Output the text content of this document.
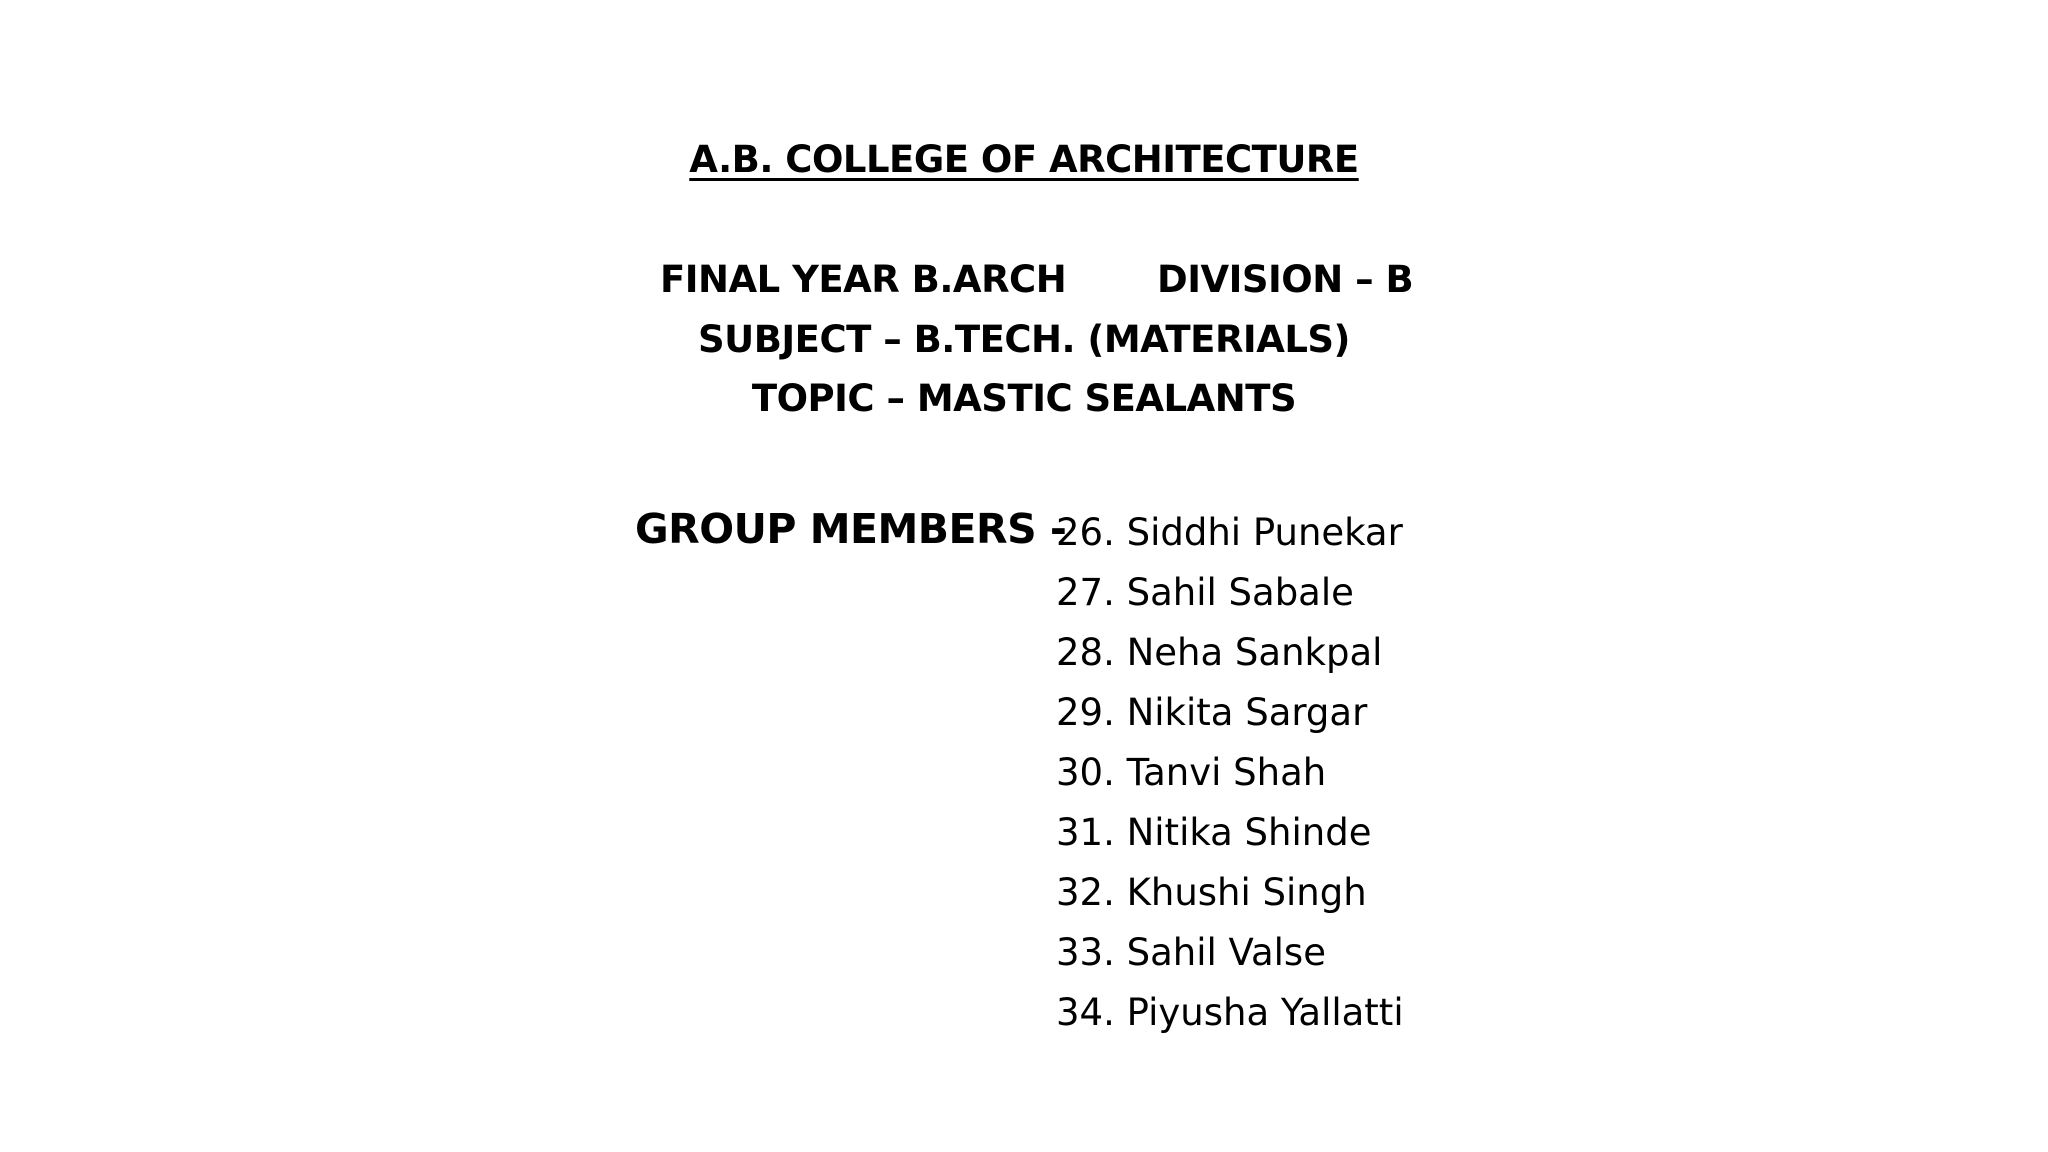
A.B. COLLEGE OF ARCHITECTURE
FINAL YEAR B.ARCH DIVISION – B
SUBJECT – B.TECH. (MATERIALS)
TOPIC – MASTIC SEALANTS
GROUP MEMBERS -
26. Siddhi Punekar
27. Sahil Sabale
28. Neha Sankpal
29. Nikita Sargar
30. Tanvi Shah
31. Nitika Shinde
32. Khushi Singh
33. Sahil Valse
34. Piyusha Yallatti
